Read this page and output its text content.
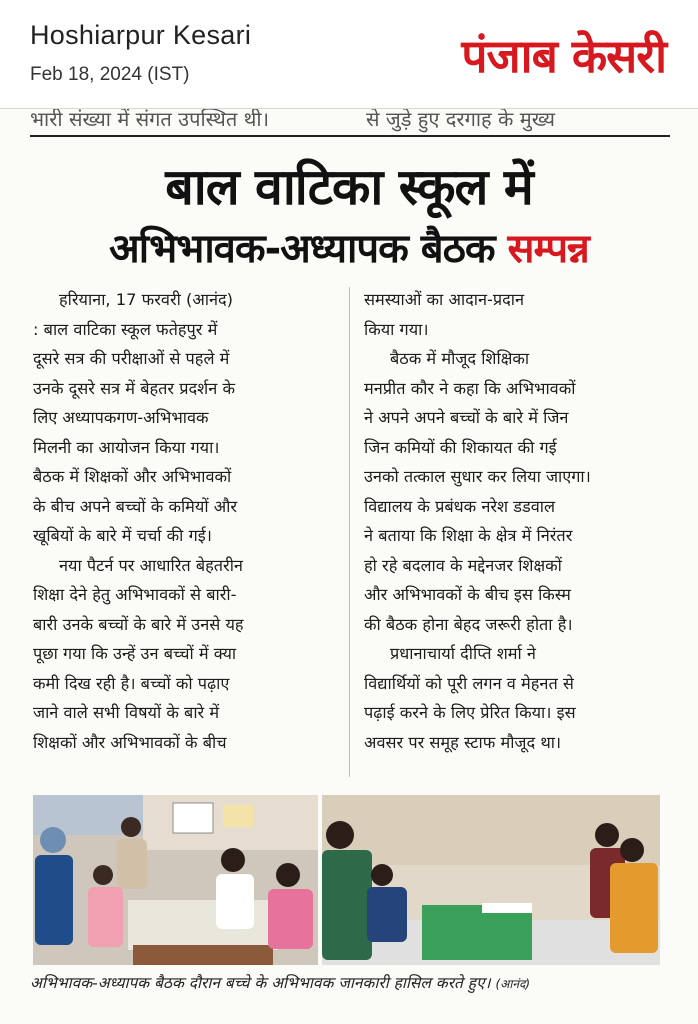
Hoshiarpur Kesari
Feb 18, 2024 (IST)	पंजाब केसरी
भारी संख्या में संगत उपस्थित थी।	से जुड़े हुए दरगाह के मुख्य
बाल वाटिका स्कूल में
अभिभावक-अध्यापक बैठक सम्पन्न
हरियाना, 17 फरवरी (आनंद)
: बाल वाटिका स्कूल फतेहपुर में
दूसरे सत्र की परीक्षाओं से पहले में
उनके दूसरे सत्र में बेहतर प्रदर्शन के
लिए अध्यापकगण-अभिभावक
मिलनी का आयोजन किया गया।
बैठक में शिक्षकों और अभिभावकों
के बीच अपने बच्चों के कमियों और
खूबियों के बारे में चर्चा की गई।
नया पैटर्न पर आधारित बेहतरीन
शिक्षा देने हेतु अभिभावकों से बारी-
बारी उनके बच्चों के बारे में उनसे यह
पूछा गया कि उन्हें उन बच्चों में क्या
कमी दिख रही है। बच्चों को पढ़ाए
जाने वाले सभी विषयों के बारे में
शिक्षकों और अभिभावकों के बीच
समस्याओं का आदान-प्रदान
किया गया।
बैठक में मौजूद शिक्षिका
मनप्रीत कौर ने कहा कि अभिभावकों
ने अपने अपने बच्चों के बारे में जिन
जिन कमियों की शिकायत की गई
उनको तत्काल सुधार कर लिया जाएगा।
विद्यालय के प्रबंधक नरेश डडवाल
ने बताया कि शिक्षा के क्षेत्र में निरंतर
हो रहे बदलाव के मद्देनजर शिक्षकों
और अभिभावकों के बीच इस किस्म
की बैठक होना बेहद जरूरी होता है।
प्रधानाचार्या दीप्ति शर्मा ने
विद्यार्थियों को पूरी लगन व मेहनत से
पढ़ाई करने के लिए प्रेरित किया। इस
अवसर पर समूह स्टाफ मौजूद था।
अभिभावक-अध्यापक बैठक दौरान बच्चे के अभिभावक जानकारी हासिल करते हुए। (आनंद)
